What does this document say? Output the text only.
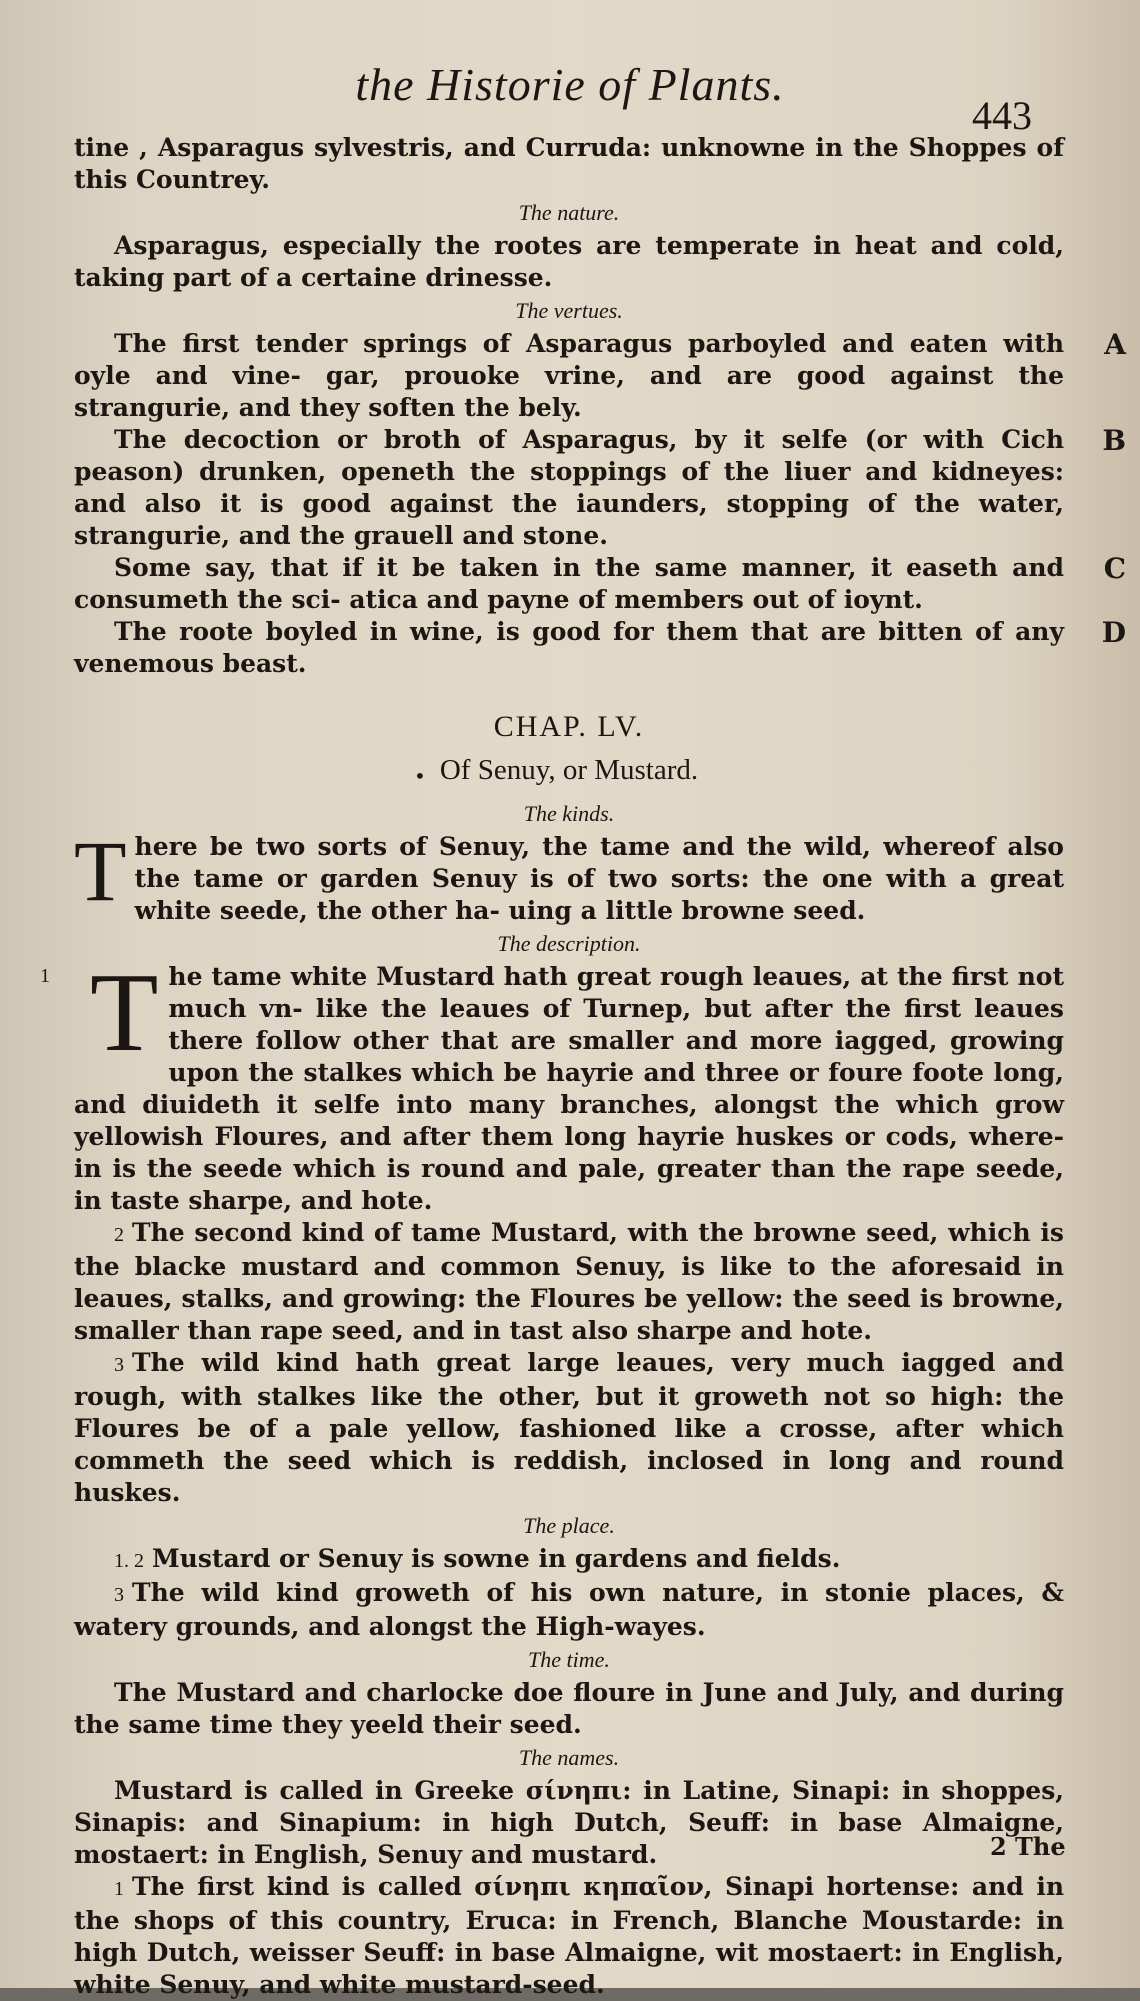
the Historie of Plants.
443

tine , Asparagus sylvestris, and Curruda: unknowne in the Shoppes of this Countrey.

The nature.

Asparagus, especially the rootes are temperate in heat and cold, taking part of a certaine drinesse.

The vertues.
A

The first tender springs of Asparagus parboyled and eaten with oyle and vine- gar, prouoke vrine, and are good against the strangurie, and they soften the bely.

B

The decoction or broth of Asparagus, by it selfe (or with Cich peason) drunken, openeth the stoppings of the liuer and kidneyes: and also it is good against the iaunders, stopping of the water, strangurie, and the grauell and stone.

C

Some say, that if it be taken in the same manner, it easeth and consumeth the sci- atica and payne of members out of ioynt.

D

The roote boyled in wine, is good for them that are bitten of any venemous beast.

CHAP. LV.
• Of Senuy, or Mustard.
The kinds.
T here be two sorts of Senuy, the tame and the wild, whereof also the tame or garden Senuy is of two sorts: the one with a great white seede, the other ha- uing a little browne seed.

The description.
1 T he tame white Mustard hath great rough leaues, at the first not much vn- like the leaues of Turnep, but after the first leaues there follow other that are smaller and more iagged, growing upon the stalkes which be hayrie and three or foure foote long, and diuideth it selfe into many branches, alongst the which grow yellowish Floures, and after them long hayrie huskes or cods, where- in is the seede which is round and pale, greater than the rape seede, in taste sharpe, and hote.

2 The second kind of tame Mustard, with the browne seed, which is the blacke mustard and common Senuy, is like to the aforesaid in leaues, stalks, and growing: the Floures be yellow: the seed is browne, smaller than rape seed, and in tast also sharpe and hote.

3 The wild kind hath great large leaues, very much iagged and rough, with stalkes like the other, but it groweth not so high: the Floures be of a pale yellow, fashioned like a crosse, after which commeth the seed which is reddish, inclosed in long and round huskes.

The place.

1. 2 Mustard or Senuy is sowne in gardens and fields.

3 The wild kind groweth of his own nature, in stonie places, & watery grounds, and alongst the High-wayes.

The time.

The Mustard and charlocke doe floure in June and July, and during the same time they yeeld their seed.

The names.

Mustard is called in Greeke σίνηπι: in Latine, Sinapi: in shoppes, Sinapis: and Sinapium: in high Dutch, Seuff: in base Almaigne, mostaert: in English, Senuy and mustard.

1 The first kind is called σίνηπι κηπαῖον, Sinapi hortense: and in the shops of this country, Eruca: in French, Blanche Moustarde: in high Dutch, weisser Seuff: in base Almaigne, wit mostaert: in English, white Senuy, and white mustard-seed.

2 The
